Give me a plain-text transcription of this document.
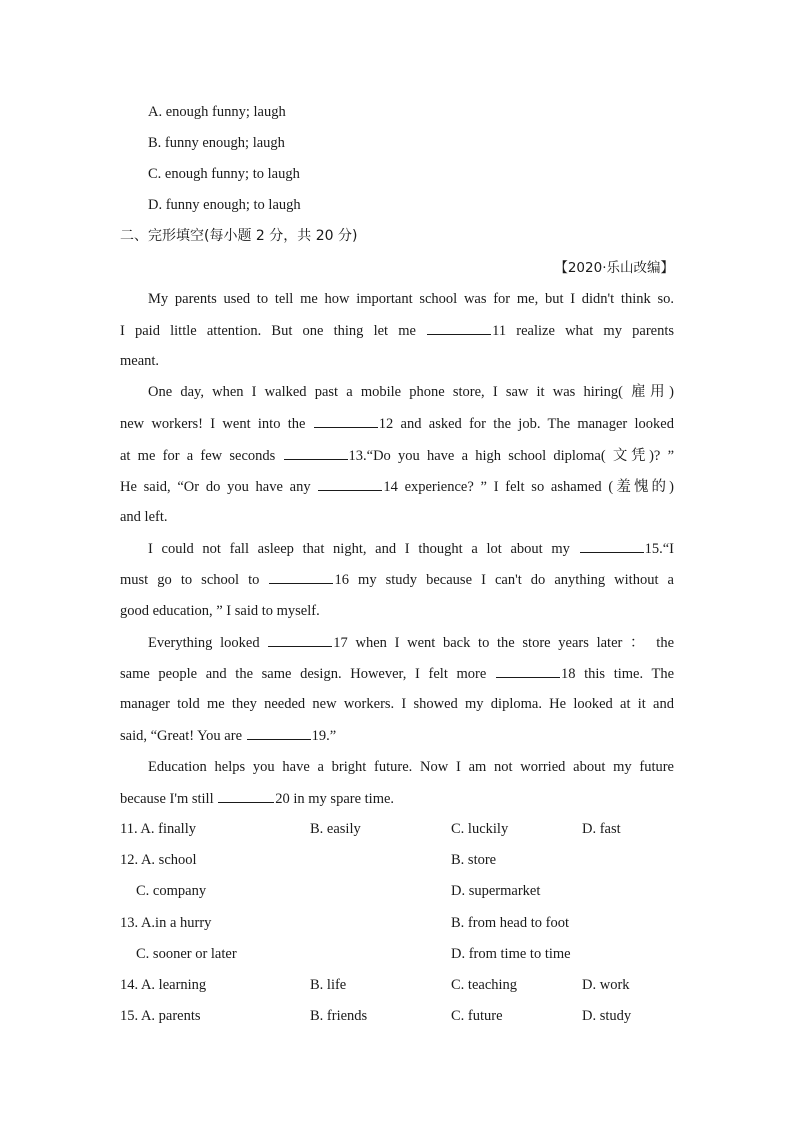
A. enough funny; laugh
B. funny enough; laugh
C. enough funny; to laugh
D. funny enough; to laugh
二、完形填空(每小题 2 分，共 20 分)
【2020·乐山改编】
My parents used to tell me how important school was for me, but I didn't think so.
I paid little attention. But one thing let me	11 realize what my parents
meant.
One day, when I walked past a mobile phone store, I saw it was hiring( 雇用)
new workers! I went into the	12 and asked for the job. The manager looked
at me for a few seconds	13.“Do you have a high school diploma( 文凭)? ”
He said, “Or do you have any	14 experience? ” I felt so ashamed (羞愧的)
and left.
I could not fall asleep that night, and I thought a lot about my	15.“I
must go to school to	16 my study because I can't do anything without a
good education, ” I said to myself.
Everything looked	17 when I went back to the store years later ： the
same people and the same design. However, I felt more	18 this time. The
manager told me they needed new workers. I showed my diploma. He looked at it and
said, “Great! You are	19.”
Education helps you have a bright future. Now I am not worried about my future
because I'm still	20 in my spare time.
11. A. finally	B. easily	C. luckily	D. fast
12. A. school	B. store
C. company	D. supermarket
13. A.in a hurry	B. from head to foot
C. sooner or later	D. from time to time
14. A. learning	B. life	C. teaching	D. work
15. A. parents	B. friends	C. future	D. study
